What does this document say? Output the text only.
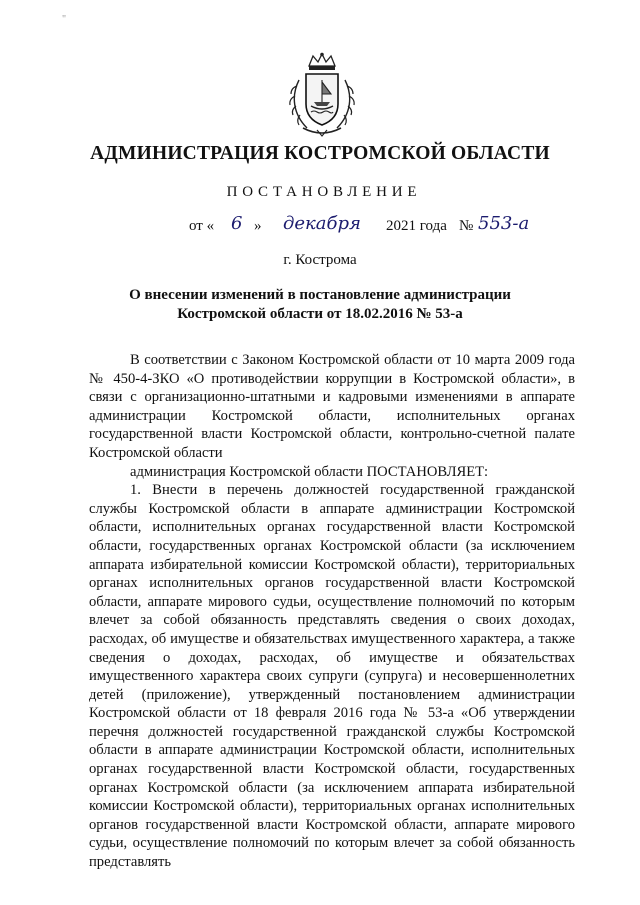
"
АДМИНИСТРАЦИЯ КОСТРОМСКОЙ ОБЛАСТИ
ПОСТАНОВЛЕНИЕ
от « 6 » декабря 2021 года № 553-а
г. Кострома
О внесении изменений в постановление администрации
Костромской области от 18.02.2016 № 53-а

В соответствии с Законом Костромской области от 10 марта 2009 года № 450-4-ЗКО «О противодействии коррупции в Костромской области», в связи с организационно-штатными и кадровыми изменениями в аппарате администрации Костромской области, исполнительных органах государственной власти Костромской области, контрольно-счетной палате Костромской области

администрация Костромской области ПОСТАНОВЛЯЕТ:

1. Внести в перечень должностей государственной гражданской службы Костромской области в аппарате администрации Костромской области, исполнительных органах государственной власти Костромской области, государственных органах Костромской области (за исключением аппарата избирательной комиссии Костромской области), территориальных органах исполнительных органов государственной власти Костромской области, аппарате мирового судьи, осуществление полномочий по которым влечет за собой обязанность представлять сведения о своих доходах, расходах, об имуществе и обязательствах имущественного характера, а также сведения о доходах, расходах, об имуществе и обязательствах имущественного характера своих супруги (супруга) и несовершеннолетних детей (приложение), утвержденный постановлением администрации Костромской области от 18 февраля 2016 года № 53-а «Об утверждении перечня должностей государственной гражданской службы Костромской области в аппарате администрации Костромской области, исполнительных органах государственной власти Костромской области, государственных органах Костромской области (за исключением аппарата избирательной комиссии Костромской области), территориальных органах исполнительных органов государственной власти Костромской области, аппарате мирового судьи, осуществление полномочий по которым влечет за собой обязанность представлять
